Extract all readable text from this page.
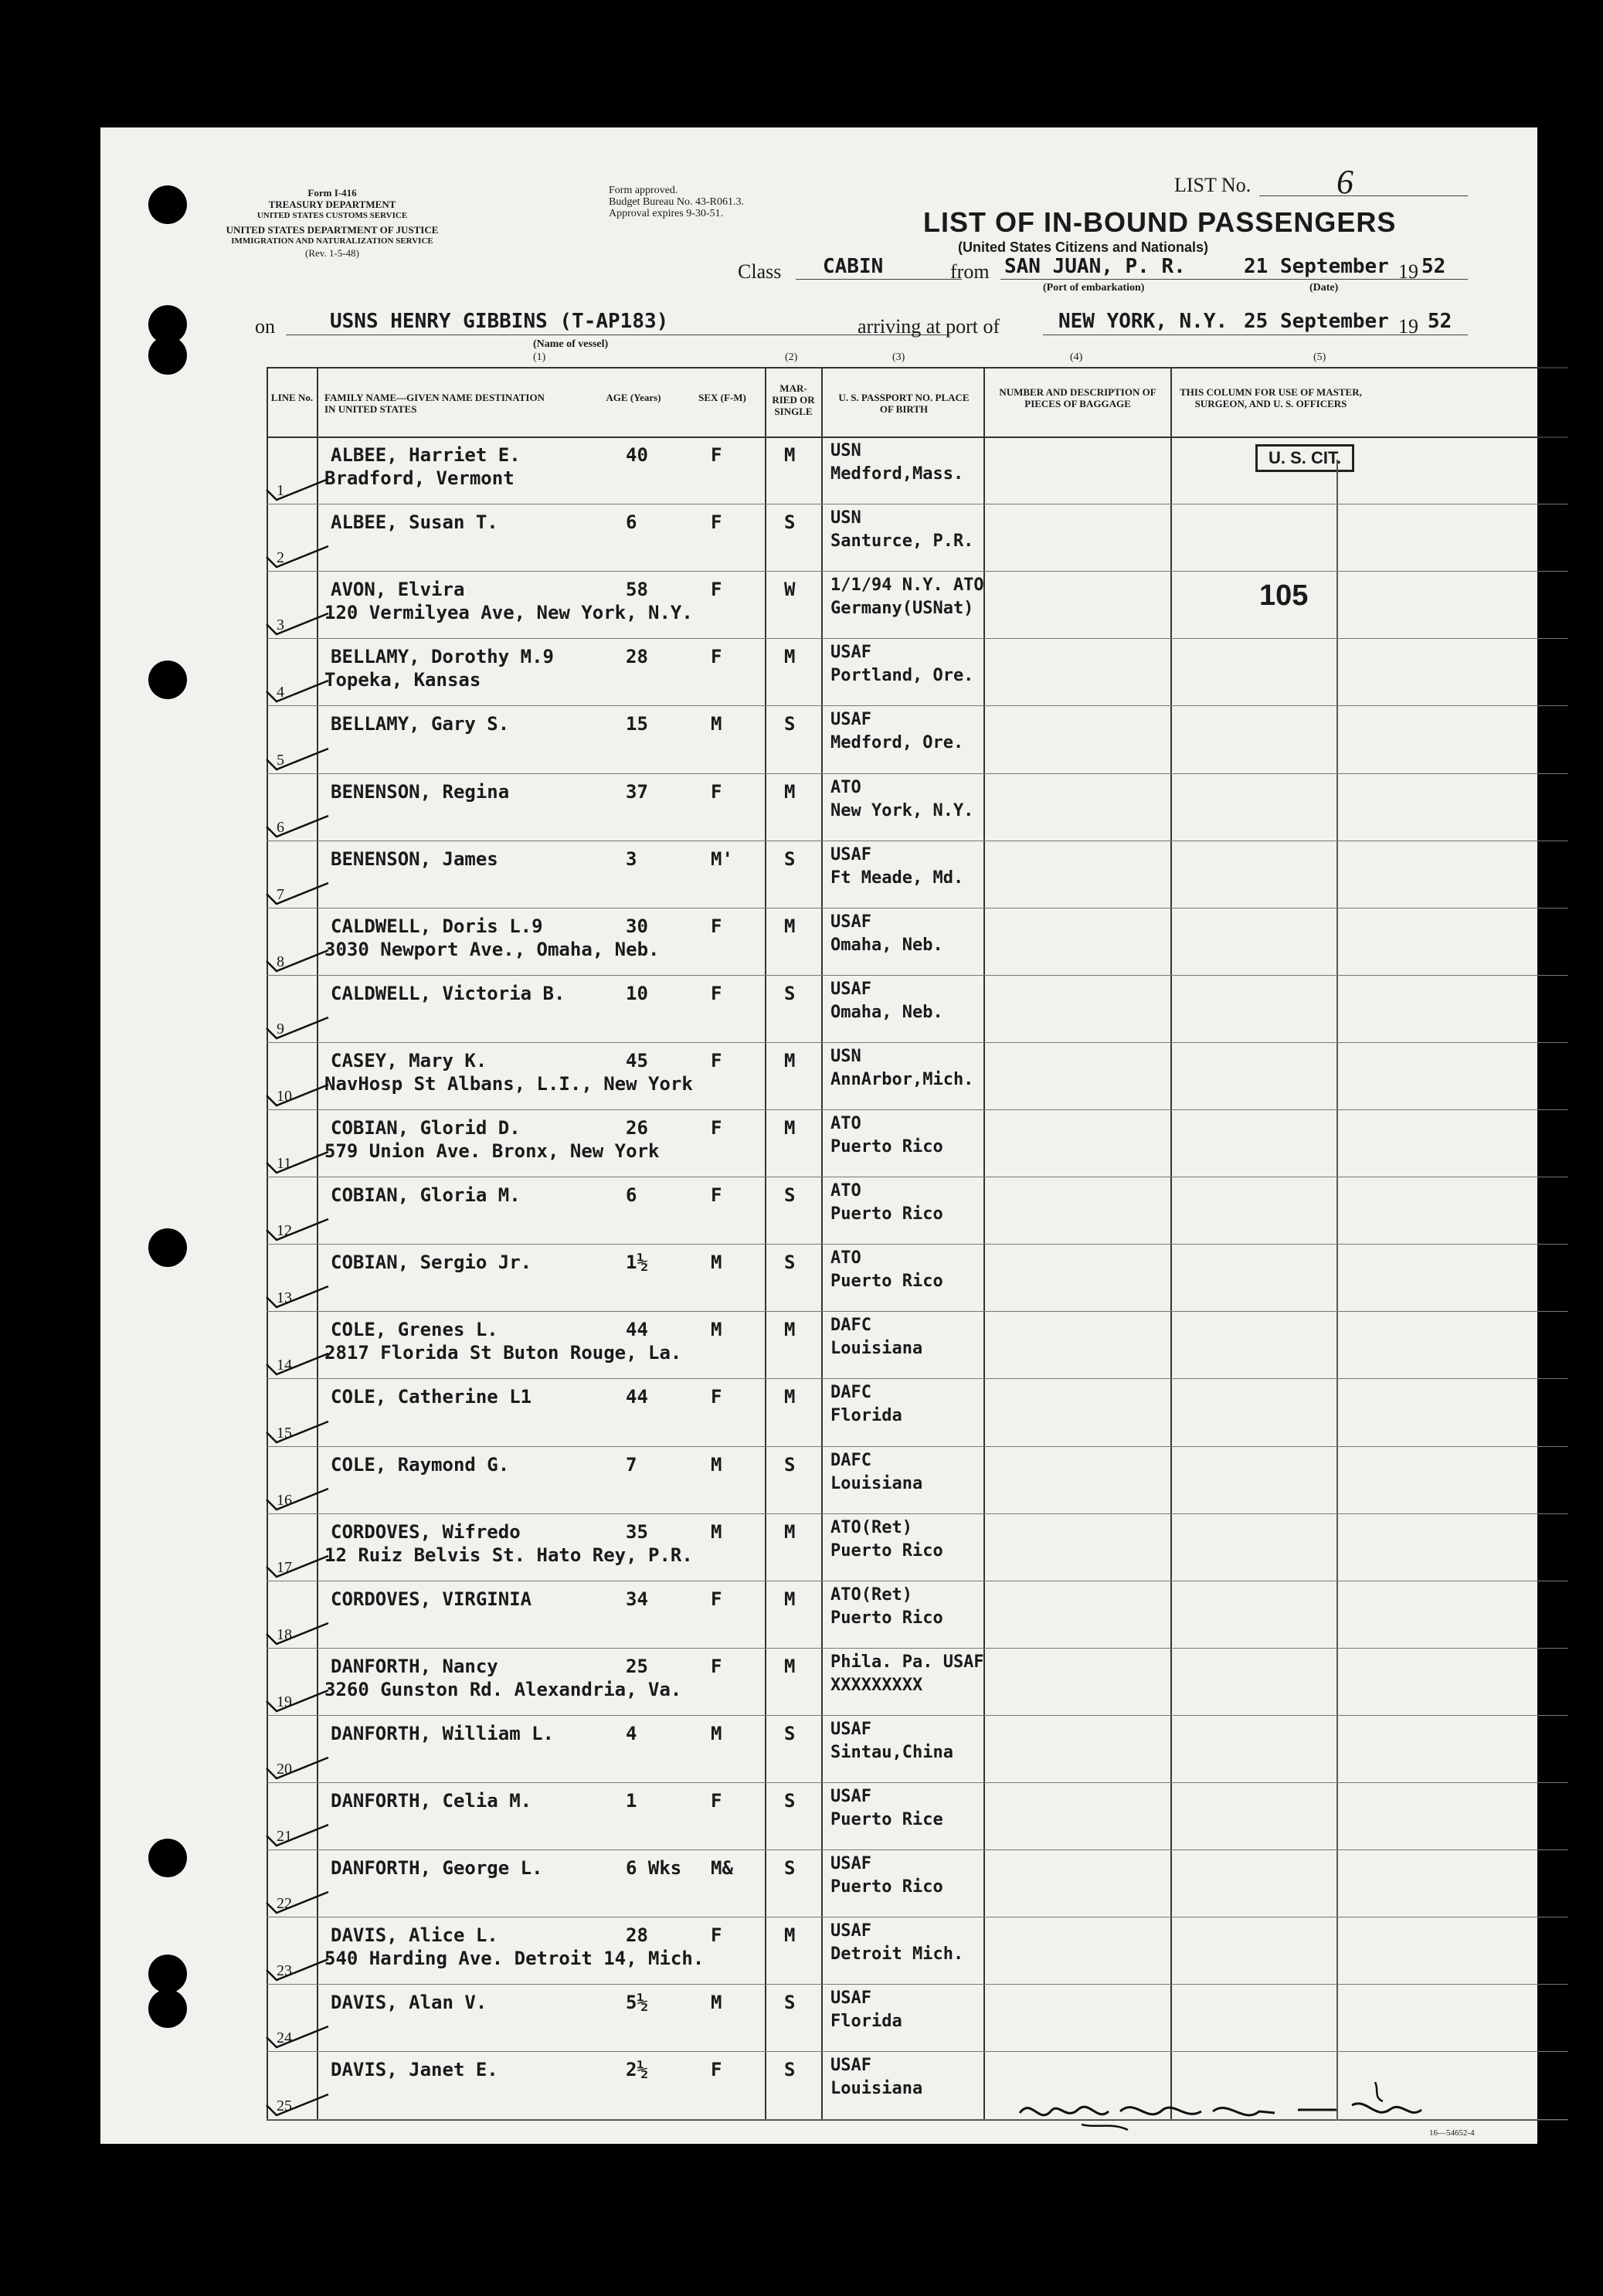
Form I-416
TREASURY DEPARTMENT
UNITED STATES CUSTOMS SERVICE
UNITED STATES DEPARTMENT OF JUSTICE
IMMIGRATION AND NATURALIZATION SERVICE
(Rev. 1-5-48)
Form approved.
Budget Bureau No. 43-R061.3.
Approval expires 9-30-51.
LIST No.	6
LIST OF IN-BOUND PASSENGERS
(United States Citizens and Nationals)
Class CABIN	from SAN JUAN, P. R.
(Port of embarkation)
21 September 19 52
(Date)
on	USNS HENRY GIBBINS (T-AP183)
(Name of vessel)
arriving at port of	NEW YORK, N.Y. 25 September 19 52
(1)	(2)	(3)	(4)	(5)
LINE No. FAMILY NAME—GIVEN NAME DESTINATION IN UNITED STATES
AGE (Years)	SEX (F-M)
MAR- RIED OR SINGLE
U. S. PASSPORT NO. PLACE OF BIRTH
NUMBER AND DESCRIPTION OF PIECES OF BAGGAGE
THIS COLUMN FOR USE OF MASTER, SURGEON, AND U. S. OFFICERS
U. S. CIT.
105
1
ALBEE, Harriet E.
Bradford, Vermont
40	F	M USN
Medford,Mass.
2
ALBEE, Susan T.	6	F	S USN
Santurce, P.R.
3
AVON, Elvira
120 Vermilyea Ave, New York, N.Y.
58	F	W 1/1/94 N.Y. ATO
Germany(USNat)
4
BELLAMY, Dorothy M.9
Topeka, Kansas
28	F	M USAF
Portland, Ore.
5
BELLAMY, Gary S.	15	M	S USAF
Medford, Ore.
6
BENENSON, Regina	37	F	M ATO
New York, N.Y.
7
BENENSON, James	3	M'	S USAF
Ft Meade, Md.
8
CALDWELL, Doris L.9
3030 Newport Ave., Omaha, Neb.
30	F	M USAF
Omaha, Neb.
9
CALDWELL, Victoria B.	10	F	S USAF
Omaha, Neb.
10
CASEY, Mary K.
NavHosp St Albans, L.I., New York
45	F	M USN
AnnArbor,Mich.
11
COBIAN, Glorid D.
579 Union Ave. Bronx, New York
26	F	M ATO
Puerto Rico
12
COBIAN, Gloria M.	6	F	S ATO
Puerto Rico
13
COBIAN, Sergio Jr.	1½	M	S ATO
Puerto Rico
14
COLE, Grenes L.
2817 Florida St Buton Rouge, La.
44	M	M DAFC
Louisiana
15
COLE, Catherine L1	44	F	M DAFC
Florida
16
COLE, Raymond G.	7	M	S DAFC
Louisiana
17
CORDOVES, Wifredo
12 Ruiz Belvis St. Hato Rey, P.R.
35	M	M ATO(Ret)
Puerto Rico
18
CORDOVES, VIRGINIA	34	F	M ATO(Ret)
Puerto Rico
19
DANFORTH, Nancy
3260 Gunston Rd. Alexandria, Va.
25	F	M Phila. Pa. USAF
XXXXXXXXX
20
DANFORTH, William L.	4	M	S USAF
Sintau,China
21
DANFORTH, Celia M.	1	F	S USAF
Puerto Rice
22
DANFORTH, George L.	6 Wks M&	S USAF
Puerto Rico
23
DAVIS, Alice L.
540 Harding Ave. Detroit 14, Mich.
28	F	M USAF
Detroit Mich.
24
DAVIS, Alan V.	5½	M	S USAF
Florida
25
DAVIS, Janet E.	2½	F	S USAF
Louisiana
16—54652-4
